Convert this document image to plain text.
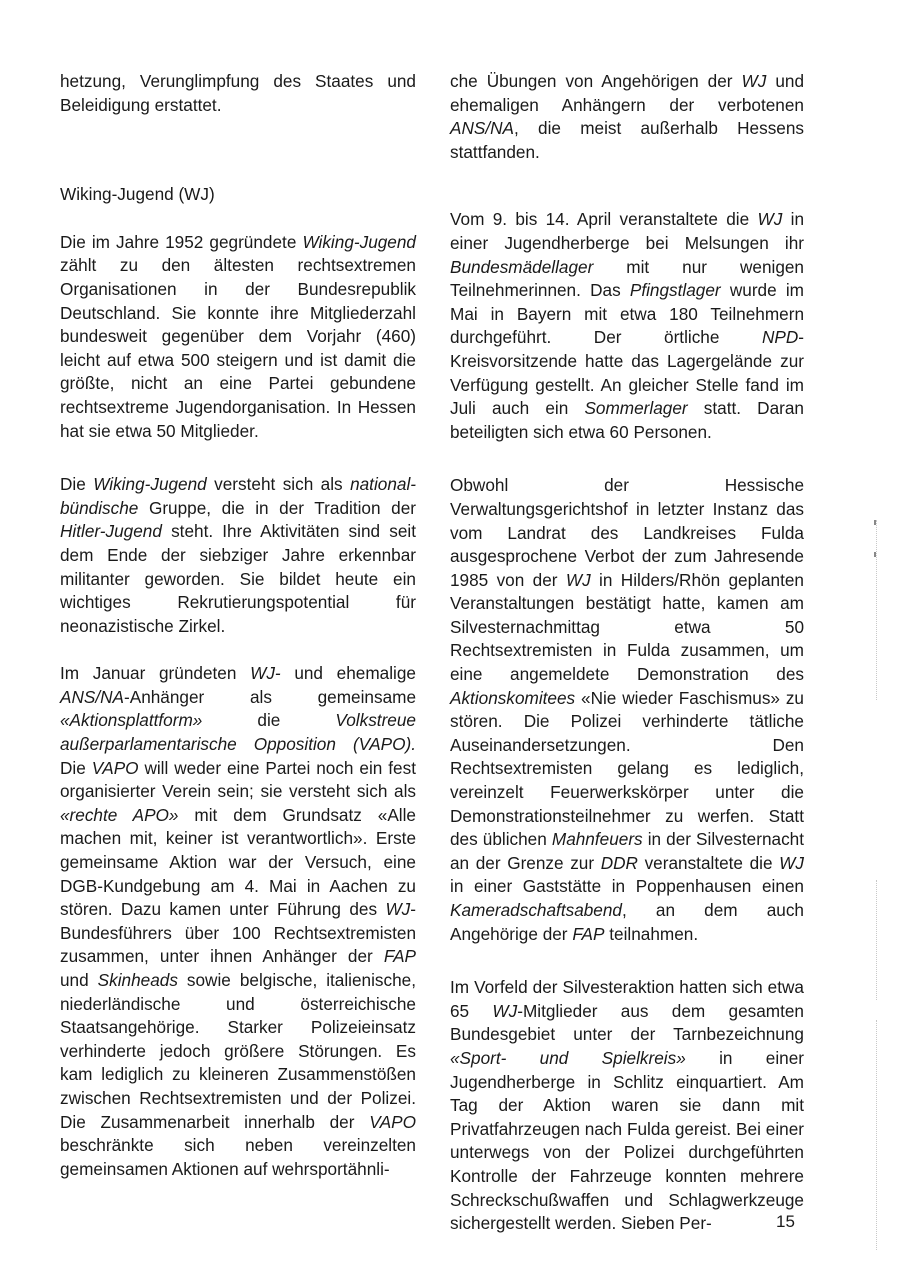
hetzung, Verunglimpfung des Staates und Beleidigung erstattet.

Wiking-Jugend (WJ)

Die im Jahre 1952 gegründete Wiking-Jugend zählt zu den ältesten rechtsextremen Organisationen in der Bundesrepublik Deutschland. Sie konnte ihre Mitgliederzahl bundesweit gegenüber dem Vorjahr (460) leicht auf etwa 500 steigern und ist damit die größte, nicht an eine Partei gebundene rechtsextreme Jugendorganisation. In Hessen hat sie etwa 50 Mitglieder.

Die Wiking-Jugend versteht sich als national-bündische Gruppe, die in der Tradition der Hitler-Jugend steht. Ihre Aktivitäten sind seit dem Ende der siebziger Jahre erkennbar militanter geworden. Sie bildet heute ein wichtiges Rekrutierungspotential für neonazistische Zirkel.

Im Januar gründeten WJ- und ehemalige ANS/NA-Anhänger als gemeinsame «Aktionsplattform» die Volkstreue außerparlamentarische Opposition (VAPO). Die VAPO will weder eine Partei noch ein fest organisierter Verein sein; sie versteht sich als «rechte APO» mit dem Grundsatz «Alle machen mit, keiner ist verantwortlich». Erste gemeinsame Aktion war der Versuch, eine DGB-Kundgebung am 4. Mai in Aachen zu stören. Dazu kamen unter Führung des WJ-Bundesführers über 100 Rechtsextremisten zusammen, unter ihnen Anhänger der FAP und Skinheads sowie belgische, italienische, niederländische und österreichische Staatsangehörige. Starker Polizeieinsatz verhinderte jedoch größere Störungen. Es kam lediglich zu kleineren Zusammenstößen zwischen Rechtsextremisten und der Polizei. Die Zusammenarbeit innerhalb der VAPO beschränkte sich neben vereinzelten gemeinsamen Aktionen auf wehrsportähnli-

che Übungen von Angehörigen der WJ und ehemaligen Anhängern der verbotenen ANS/NA, die meist außerhalb Hessens stattfanden.

Vom 9. bis 14. April veranstaltete die WJ in einer Jugendherberge bei Melsungen ihr Bundesmädellager mit nur wenigen Teilnehmerinnen. Das Pfingstlager wurde im Mai in Bayern mit etwa 180 Teilnehmern durchgeführt. Der örtliche NPD-Kreisvorsitzende hatte das Lagergelände zur Verfügung gestellt. An gleicher Stelle fand im Juli auch ein Sommerlager statt. Daran beteiligten sich etwa 60 Personen.

Obwohl der Hessische Verwaltungsgerichtshof in letzter Instanz das vom Landrat des Landkreises Fulda ausgesprochene Verbot der zum Jahresende 1985 von der WJ in Hilders/Rhön geplanten Veranstaltungen bestätigt hatte, kamen am Silvesternachmittag etwa 50 Rechtsextremisten in Fulda zusammen, um eine angemeldete Demonstration des Aktionskomitees «Nie wieder Faschismus» zu stören. Die Polizei verhinderte tätliche Auseinandersetzungen. Den Rechtsextremisten gelang es lediglich, vereinzelt Feuerwerkskörper unter die Demonstrationsteilnehmer zu werfen. Statt des üblichen Mahnfeuers in der Silvesternacht an der Grenze zur DDR veranstaltete die WJ in einer Gaststätte in Poppenhausen einen Kameradschaftsabend, an dem auch Angehörige der FAP teilnahmen.

Im Vorfeld der Silvesteraktion hatten sich etwa 65 WJ-Mitglieder aus dem gesamten Bundesgebiet unter der Tarnbezeichnung «Sport- und Spielkreis» in einer Jugendherberge in Schlitz einquartiert. Am Tag der Aktion waren sie dann mit Privatfahrzeugen nach Fulda gereist. Bei einer unterwegs von der Polizei durchgeführten Kontrolle der Fahrzeuge konnten mehrere Schreckschußwaffen und Schlagwerkzeuge sichergestellt werden. Sieben Per-	15
